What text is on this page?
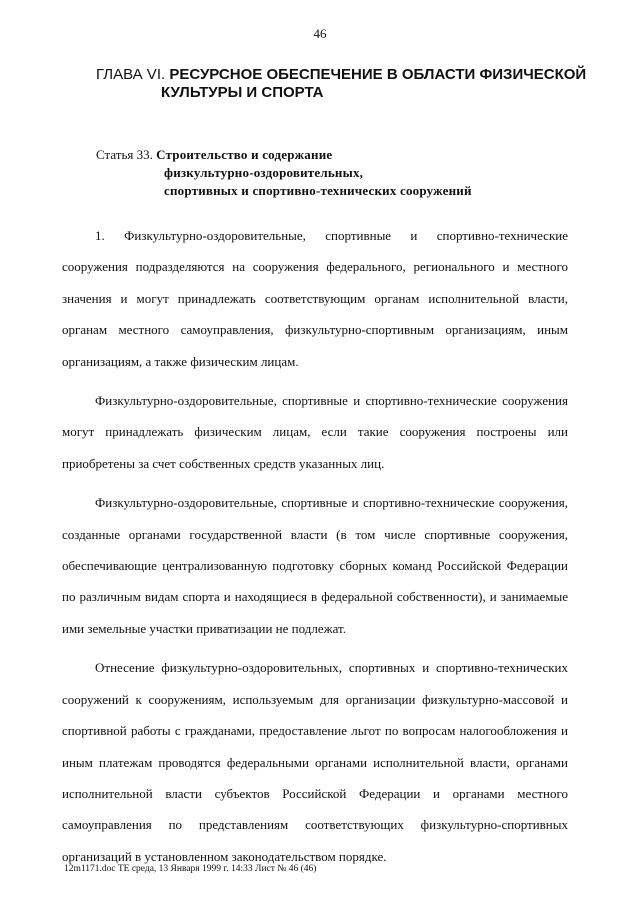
46
ГЛАВА VI. РЕСУРСНОЕ ОБЕСПЕЧЕНИЕ В ОБЛАСТИ ФИЗИЧЕСКОЙ
КУЛЬТУРЫ И СПОРТА
Статья 33. Строительство и содержание
физкультурно-оздоровительных,
спортивных и спортивно-технических сооружений

1. Физкультурно-оздоровительные, спортивные и спортивно-технические сооружения подразделяются на сооружения федерального, регионального и местного значения и могут принадлежать соответствующим органам исполнительной власти, органам местного самоуправления, физкультурно-спортивным организациям, иным организациям, а также физическим лицам.

Физкультурно-оздоровительные, спортивные и спортивно-технические сооружения могут принадлежать физическим лицам, если такие сооружения построены или приобретены за счет собственных средств указанных лиц.

Физкультурно-оздоровительные, спортивные и спортивно-технические сооружения, созданные органами государственной власти (в том числе спортивные сооружения, обеспечивающие централизованную подготовку сборных команд Российской Федерации по различным видам спорта и находящиеся в федеральной собственности), и занимаемые ими земельные участки приватизации не подлежат.

Отнесение физкультурно-оздоровительных, спортивных и спортивно-технических сооружений к сооружениям, используемым для организации физкультурно-массовой и спортивной работы с гражданами, предоставление льгот по вопросам налогообложения и иным платежам проводятся федеральными органами исполнительной власти, органами исполнительной власти субъектов Российской Федерации и органами местного самоуправления по представлениям соответствующих физкультурно-спортивных организаций в установленном законодательством порядке.

12m1171.doc TE среда, 13 Января 1999 г. 14:33 Лист № 46 (46)
